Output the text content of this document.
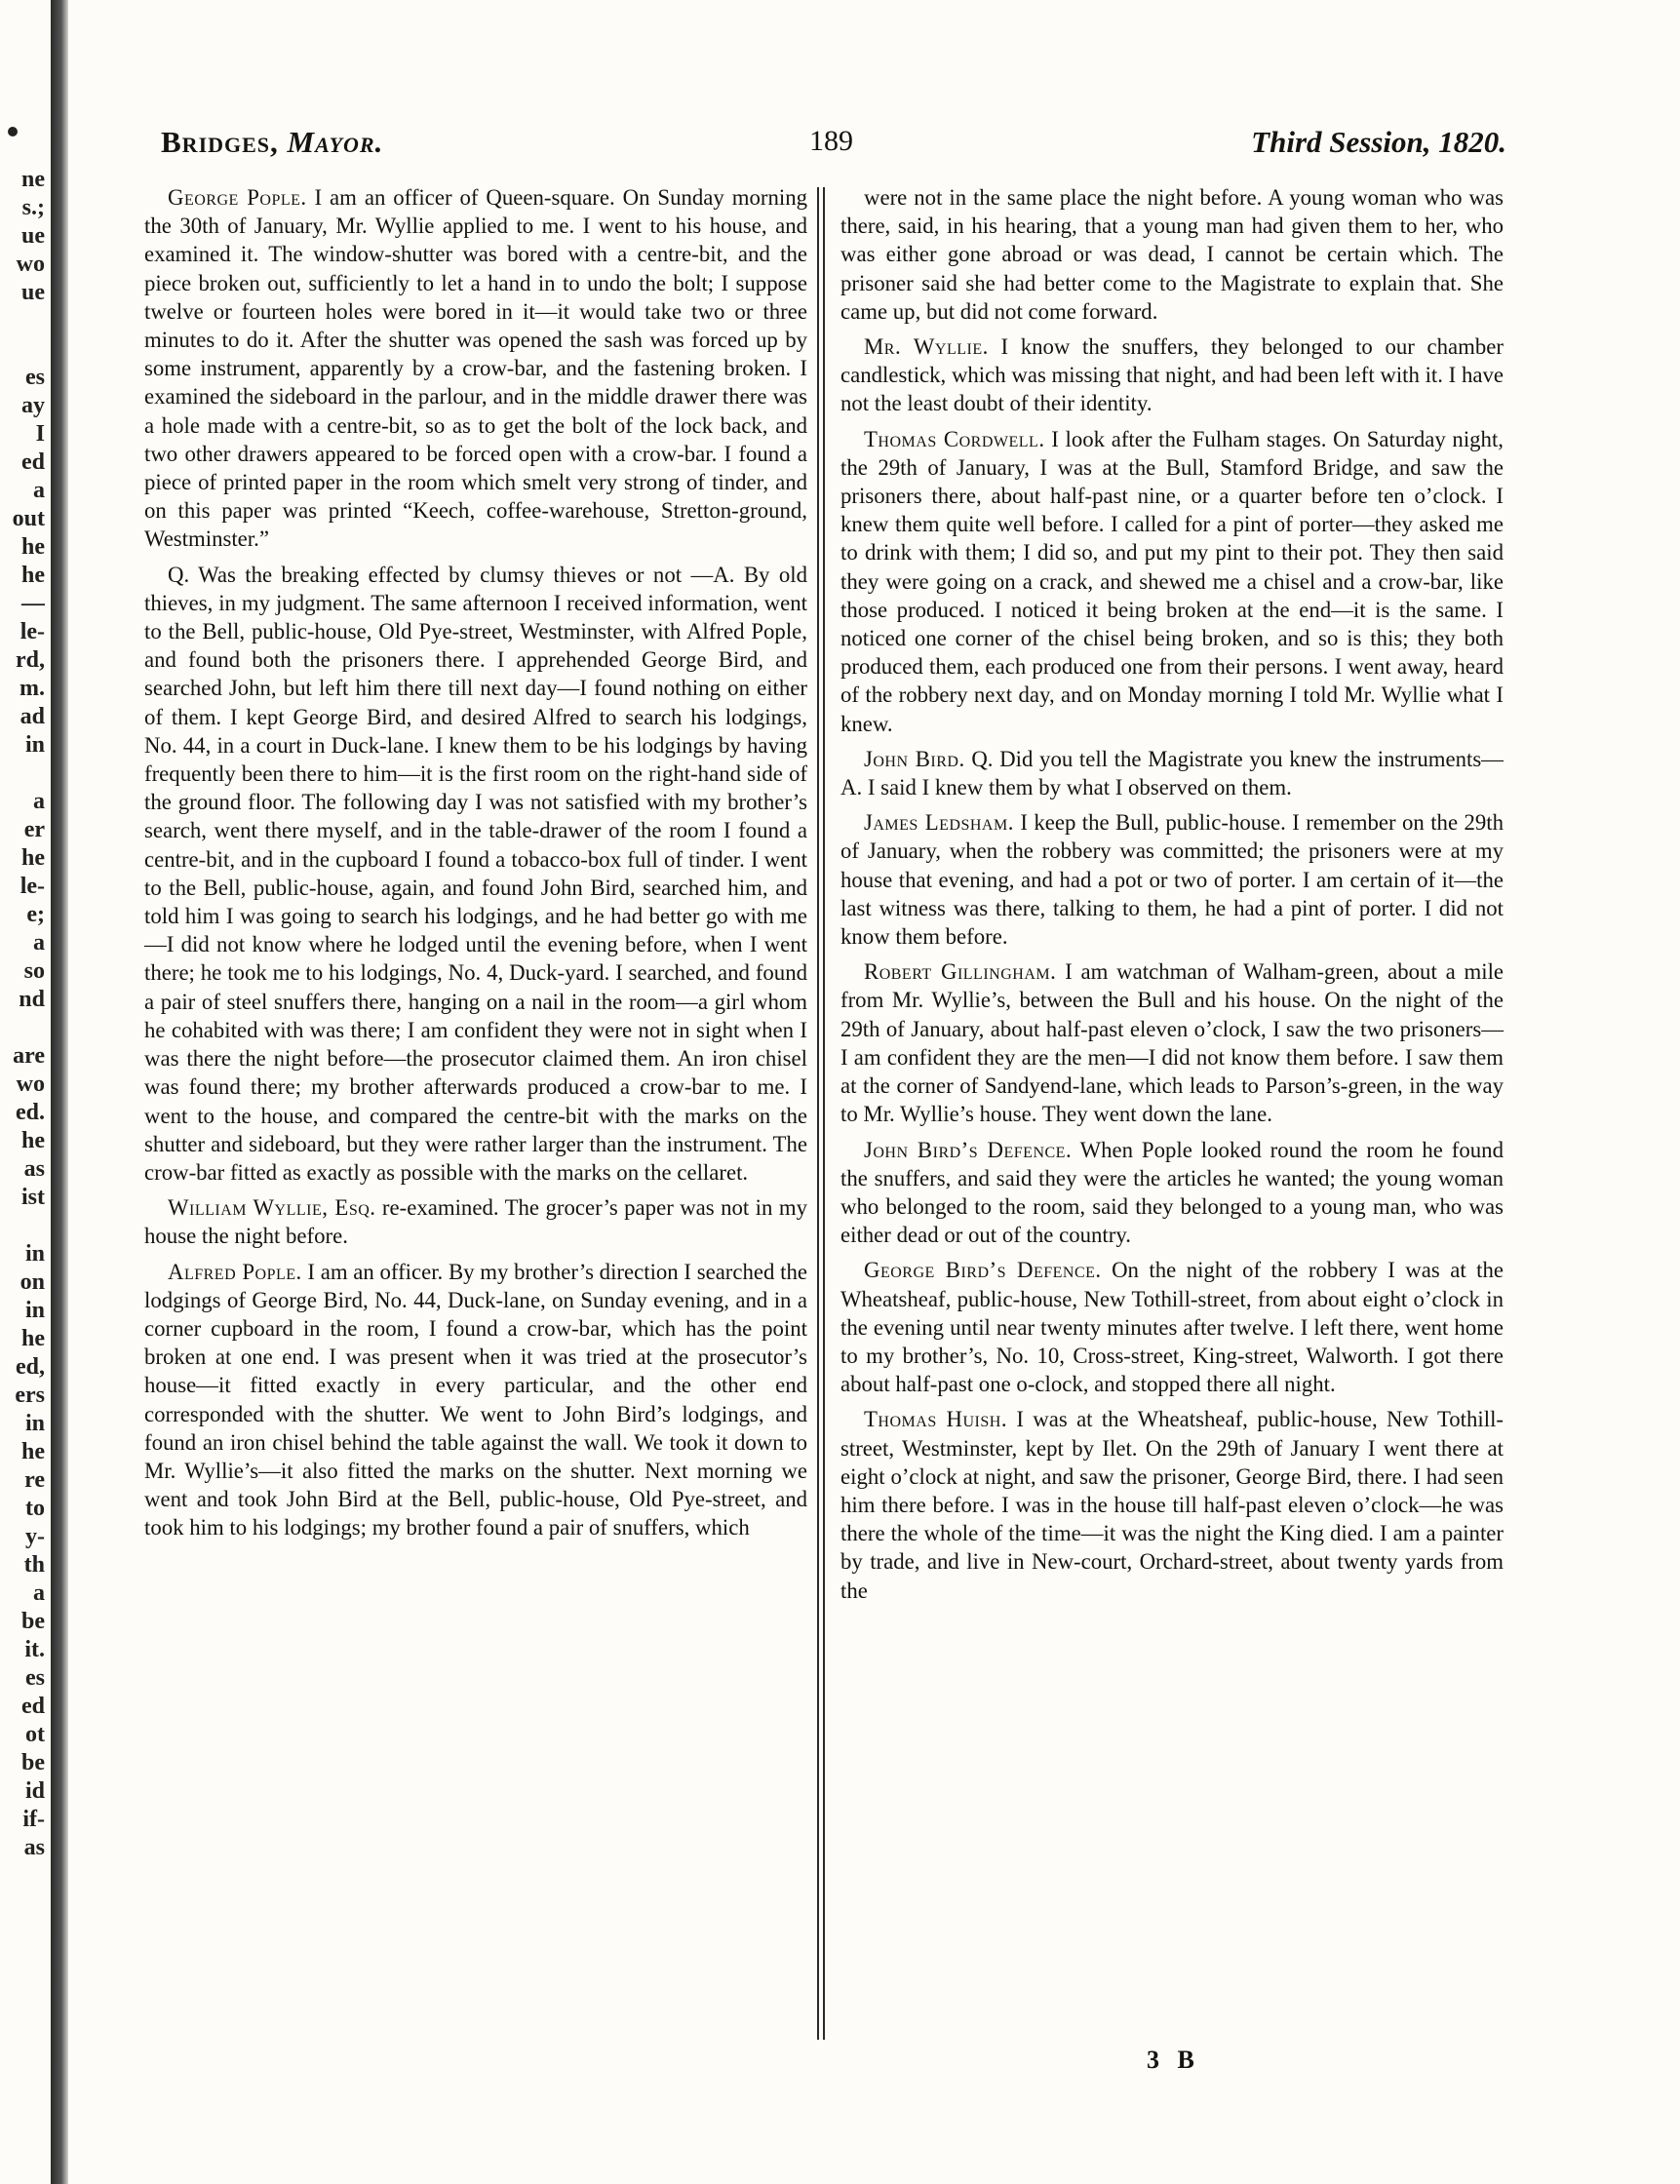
ne
s.;
ue
wo
ue
es
ay
I
ed
a
out
he
he
—
le-
rd,
m.
ad
in
a
er
he
le-
e;
a
so
nd
are
wo
ed.
he
as
ist
in
on
in
he
ed,
ers
in
he
re
to
y-
th
a
be
it.
es
ed
ot
be
id
if-
as
Bridges, Mayor.	189	Third Session, 1820.

George Pople. I am an officer of Queen-square. On Sunday morning the 30th of January, Mr. Wyllie applied to me. I went to his house, and examined it. The window-shutter was bored with a centre-bit, and the piece broken out, sufficiently to let a hand in to undo the bolt; I suppose twelve or fourteen holes were bored in it—it would take two or three minutes to do it. After the shutter was opened the sash was forced up by some instrument, apparently by a crow-bar, and the fastening broken. I examined the sideboard in the parlour, and in the middle drawer there was a hole made with a centre-bit, so as to get the bolt of the lock back, and two other drawers appeared to be forced open with a crow-bar. I found a piece of printed paper in the room which smelt very strong of tinder, and on this paper was printed “Keech, coffee-warehouse, Stretton-ground, Westminster.”

Q. Was the breaking effected by clumsy thieves or not —A. By old thieves, in my judgment. The same afternoon I received information, went to the Bell, public-house, Old Pye-street, Westminster, with Alfred Pople, and found both the prisoners there. I apprehended George Bird, and searched John, but left him there till next day—I found nothing on either of them. I kept George Bird, and desired Alfred to search his lodgings, No. 44, in a court in Duck-lane. I knew them to be his lodgings by having frequently been there to him—it is the first room on the right-hand side of the ground floor. The following day I was not satisfied with my brother’s search, went there myself, and in the table-drawer of the room I found a centre-bit, and in the cupboard I found a tobacco-box full of tinder. I went to the Bell, public-house, again, and found John Bird, searched him, and told him I was going to search his lodgings, and he had better go with me—I did not know where he lodged until the evening before, when I went there; he took me to his lodgings, No. 4, Duck-yard. I searched, and found a pair of steel snuffers there, hanging on a nail in the room—a girl whom he cohabited with was there; I am confident they were not in sight when I was there the night before—the prosecutor claimed them. An iron chisel was found there; my brother afterwards produced a crow-bar to me. I went to the house, and compared the centre-bit with the marks on the shutter and sideboard, but they were rather larger than the instrument. The crow-bar fitted as exactly as possible with the marks on the cellaret.

William Wyllie, Esq. re-examined. The grocer’s paper was not in my house the night before.

Alfred Pople. I am an officer. By my brother’s direction I searched the lodgings of George Bird, No. 44, Duck-lane, on Sunday evening, and in a corner cupboard in the room, I found a crow-bar, which has the point broken at one end. I was present when it was tried at the prosecutor’s house—it fitted exactly in every particular, and the other end corresponded with the shutter. We went to John Bird’s lodgings, and found an iron chisel behind the table against the wall. We took it down to Mr. Wyllie’s—it also fitted the marks on the shutter. Next morning we went and took John Bird at the Bell, public-house, Old Pye-street, and took him to his lodgings; my brother found a pair of snuffers, which

were not in the same place the night before. A young woman who was there, said, in his hearing, that a young man had given them to her, who was either gone abroad or was dead, I cannot be certain which. The prisoner said she had better come to the Magistrate to explain that. She came up, but did not come forward.

Mr. Wyllie. I know the snuffers, they belonged to our chamber candlestick, which was missing that night, and had been left with it. I have not the least doubt of their identity.

Thomas Cordwell. I look after the Fulham stages. On Saturday night, the 29th of January, I was at the Bull, Stamford Bridge, and saw the prisoners there, about half-past nine, or a quarter before ten o’clock. I knew them quite well before. I called for a pint of porter—they asked me to drink with them; I did so, and put my pint to their pot. They then said they were going on a crack, and shewed me a chisel and a crow-bar, like those produced. I noticed it being broken at the end—it is the same. I noticed one corner of the chisel being broken, and so is this; they both produced them, each produced one from their persons. I went away, heard of the robbery next day, and on Monday morning I told Mr. Wyllie what I knew.

John Bird. Q. Did you tell the Magistrate you knew the instruments—A. I said I knew them by what I observed on them.

James Ledsham. I keep the Bull, public-house. I remember on the 29th of January, when the robbery was committed; the prisoners were at my house that evening, and had a pot or two of porter. I am certain of it—the last witness was there, talking to them, he had a pint of porter. I did not know them before.

Robert Gillingham. I am watchman of Walham-green, about a mile from Mr. Wyllie’s, between the Bull and his house. On the night of the 29th of January, about half-past eleven o’clock, I saw the two prisoners—I am confident they are the men—I did not know them before. I saw them at the corner of Sandyend-lane, which leads to Parson’s-green, in the way to Mr. Wyllie’s house. They went down the lane.

John Bird’s Defence. When Pople looked round the room he found the snuffers, and said they were the articles he wanted; the young woman who belonged to the room, said they belonged to a young man, who was either dead or out of the country.

George Bird’s Defence. On the night of the robbery I was at the Wheatsheaf, public-house, New Tothill-street, from about eight o’clock in the evening until near twenty minutes after twelve. I left there, went home to my brother’s, No. 10, Cross-street, King-street, Walworth. I got there about half-past one o-clock, and stopped there all night.

Thomas Huish. I was at the Wheatsheaf, public-house, New Tothill-street, Westminster, kept by Ilet. On the 29th of January I went there at eight o’clock at night, and saw the prisoner, George Bird, there. I had seen him there before. I was in the house till half-past eleven o’clock—he was there the whole of the time—it was the night the King died. I am a painter by trade, and live in New-court, Orchard-street, about twenty yards from the

3 B
